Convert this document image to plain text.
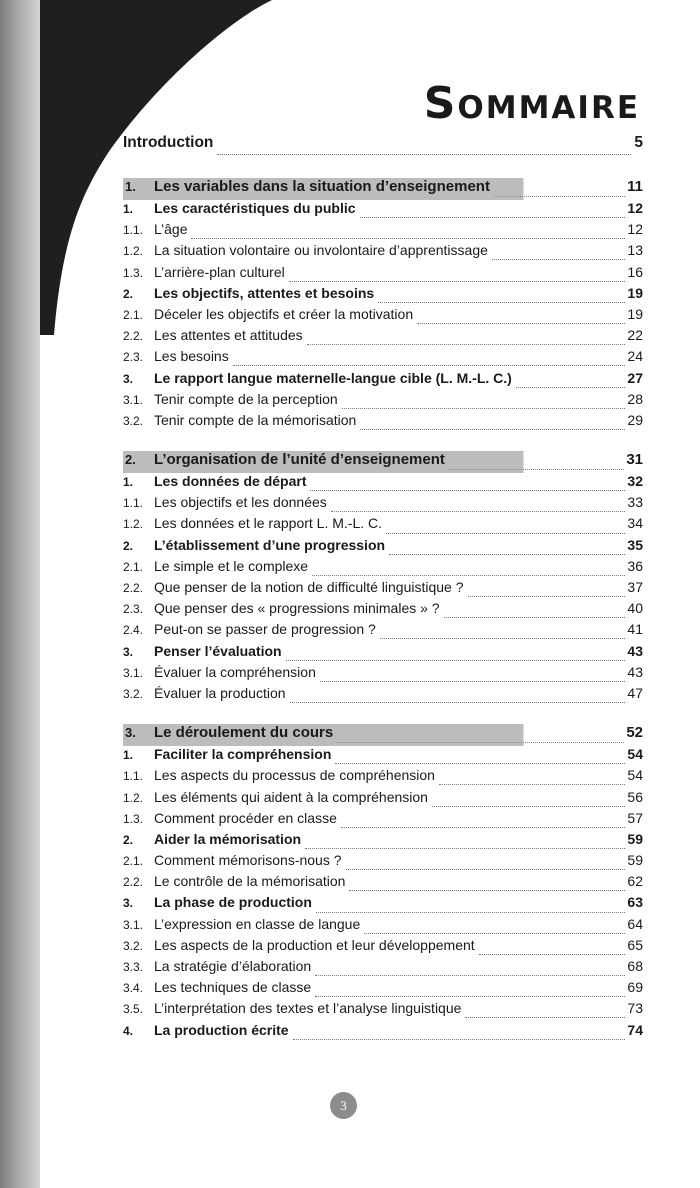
Sommaire
Introduction	5
1.	Les variables dans la situation d’enseignement	11
1.	Les caractéristiques du public	12
1.1. L’âge	12
1.2. La situation volontaire ou involontaire d’apprentissage	13
1.3. L’arrière-plan culturel	16
2.	Les objectifs, attentes et besoins	19
2.1. Déceler les objectifs et créer la motivation	19
2.2. Les attentes et attitudes	22
2.3. Les besoins	24
3.	Le rapport langue maternelle-langue cible (L. M.-L. C.)	27
3.1. Tenir compte de la perception	28
3.2. Tenir compte de la mémorisation	29
2.	L’organisation de l’unité d’enseignement	31
1.	Les données de départ	32
1.1. Les objectifs et les données	33
1.2. Les données et le rapport L. M.-L. C.	34
2.	L’établissement d’une progression	35
2.1. Le simple et le complexe	36
2.2. Que penser de la notion de difficulté linguistique ?	37
2.3. Que penser des « progressions minimales » ?	40
2.4. Peut-on se passer de progression ?	41
3.	Penser l’évaluation	43
3.1. Évaluer la compréhension	43
3.2. Évaluer la production	47
3.	Le déroulement du cours	52
1.	Faciliter la compréhension	54
1.1. Les aspects du processus de compréhension	54
1.2. Les éléments qui aident à la compréhension	56
1.3. Comment procéder en classe	57
2.	Aider la mémorisation	59
2.1. Comment mémorisons-nous ?	59
2.2. Le contrôle de la mémorisation	62
3.	La phase de production	63
3.1. L’expression en classe de langue	64
3.2. Les aspects de la production et leur développement	65
3.3. La stratégie d’élaboration	68
3.4. Les techniques de classe	69
3.5. L’interprétation des textes et l’analyse linguistique	73
4.	La production écrite	74
3
